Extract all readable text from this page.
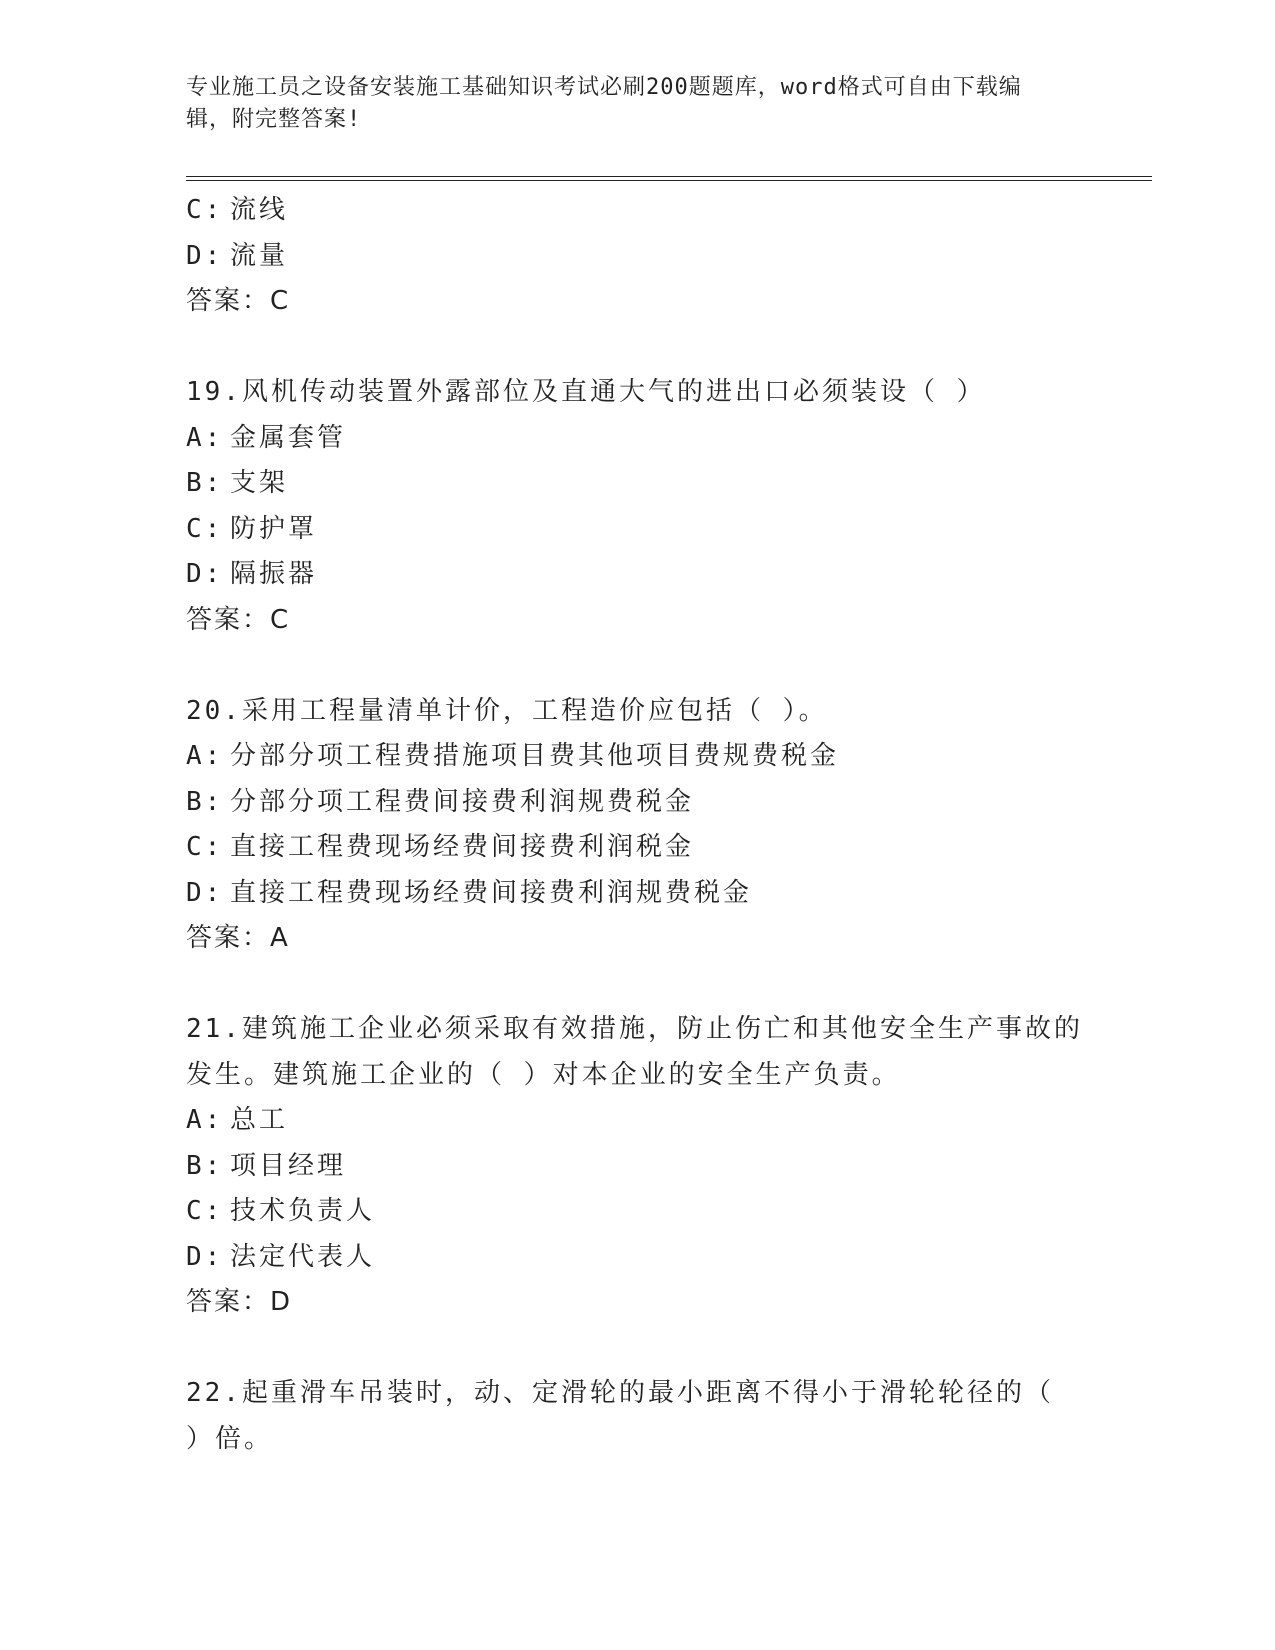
专业施工员之设备安装施工基础知识考试必刷200题题库，word格式可自由下载编辑，附完整答案!
C: 流线
D: 流量
答案：C
19.风机传动装置外露部位及直通大气的进出口必须装设（ ）
A: 金属套管
B: 支架
C: 防护罩
D: 隔振器
答案：C
20.采用工程量清单计价，工程造价应包括（ ）。
A: 分部分项工程费措施项目费其他项目费规费税金
B: 分部分项工程费间接费利润规费税金
C: 直接工程费现场经费间接费利润税金
D: 直接工程费现场经费间接费利润规费税金
答案：A
21.建筑施工企业必须采取有效措施，防止伤亡和其他安全生产事故的发生。建筑施工企业的（ ）对本企业的安全生产负责。
A: 总工
B: 项目经理
C: 技术负责人
D: 法定代表人
答案：D
22.起重滑车吊装时，动、定滑轮的最小距离不得小于滑轮轮径的（ ）倍。
